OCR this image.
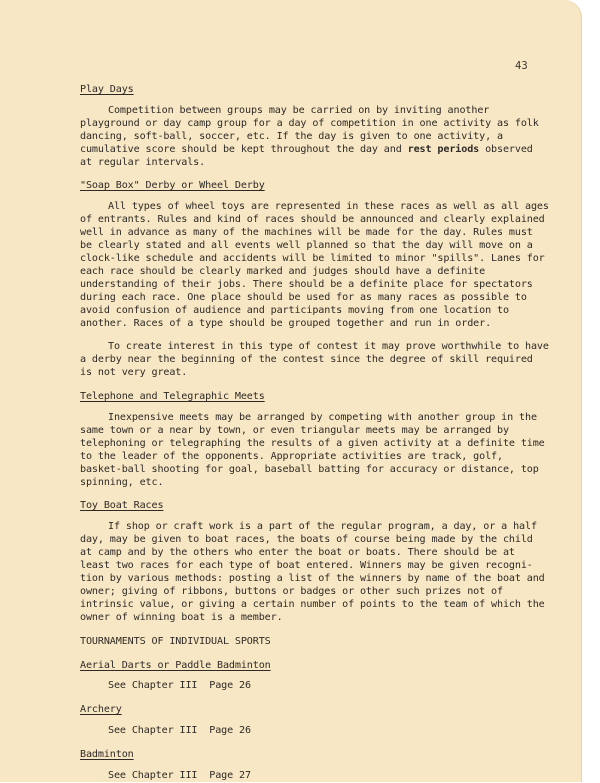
43

Play Days

Competition between groups may be carried on by inviting another playground or day camp group for a day of competition in one activity as folk dancing, soft-ball, soccer, etc. If the day is given to one activity, a cumulative score should be kept throughout the day and rest periods observed at regular intervals.

"Soap Box" Derby or Wheel Derby

All types of wheel toys are represented in these races as well as all ages of entrants. Rules and kind of races should be announced and clearly explained well in advance as many of the machines will be made for the day. Rules must be clearly stated and all events well planned so that the day will move on a clock-like schedule and accidents will be limited to minor "spills". Lanes for each race should be clearly marked and judges should have a definite understanding of their jobs. There should be a definite place for spectators during each race. One place should be used for as many races as possible to avoid confusion of audience and participants moving from one location to another. Races of a type should be grouped together and run in order.

To create interest in this type of contest it may prove worthwhile to have a derby near the beginning of the contest since the degree of skill required is not very great.

Telephone and Telegraphic Meets

Inexpensive meets may be arranged by competing with another group in the same town or a near by town, or even triangular meets may be arranged by telephoning or telegraphing the results of a given activity at a definite time to the leader of the opponents. Appropriate activities are track, golf, basket-ball shooting for goal, baseball batting for accuracy or distance, top spinning, etc.

Toy Boat Races

If shop or craft work is a part of the regular program, a day, or a half day, may be given to boat races, the boats of course being made by the child at camp and by the others who enter the boat or boats. There should be at least two races for each type of boat entered. Winners may be given recogni-tion by various methods: posting a list of the winners by name of the boat and owner; giving of ribbons, buttons or badges or other such prizes not of intrinsic value, or giving a certain number of points to the team of which the owner of winning boat is a member.

TOURNAMENTS OF INDIVIDUAL SPORTS

Aerial Darts or Paddle Badminton

See Chapter III  Page 26

Archery

See Chapter III  Page 26

Badminton

See Chapter III  Page 27
